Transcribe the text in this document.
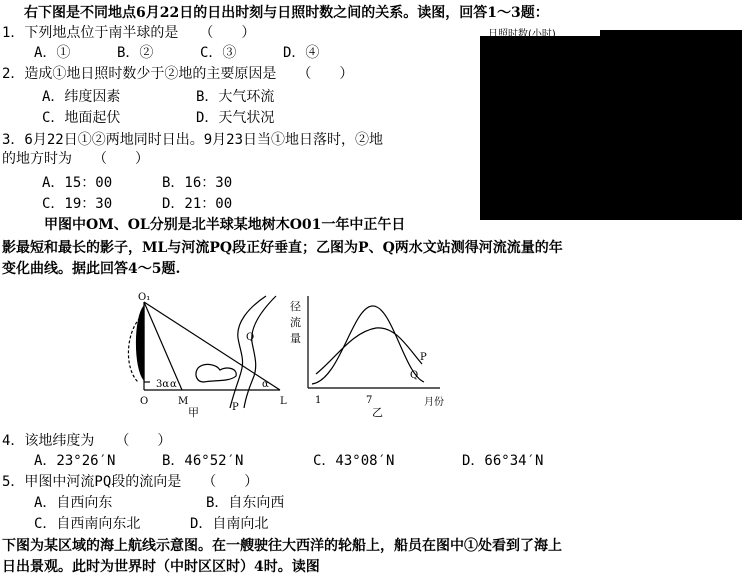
日照时数(小时)
右下图是不同地点6月22日的日出时刻与日照时数之间的关系。读图，回答1～3题：
1．下列地点位于南半球的是　　（　　）
A．①	B．②	C．③	D．④
2．造成①地日照时数少于②地的主要原因是　　（　　）
A．纬度因素	B．大气环流
C．地面起伏	D．天气状况
3．6月22日①②两地同时日出。9月23日当①地日落时，②地
的地方时为　　（　　）
A．15：00	B．16：30
C．19：30	D．21：00
甲图中OM、OL分别是北半球某地树木O01一年中正午日
影最短和最长的影子，ML与河流PQ段正好垂直；乙图为P、Q两水文站测得河流流量的年
变化曲线。据此回答4～5题.
O₁
O	M	L
3α α	α
P
Q
甲
径
流
量
1	7	月份
P
Q
乙
4．该地纬度为　　（　　）
A．23°26′N	B．46°52′N	C．43°08′N	D．66°34′N
5．甲图中河流PQ段的流向是　　（　　）
A．自西向东	B．自东向西
C．自西南向东北	D．自南向北
下图为某区域的海上航线示意图。在一艘驶往大西洋的轮船上，船员在图中①处看到了海上
日出景观。此时为世界时（中时区区时）4时。读图
